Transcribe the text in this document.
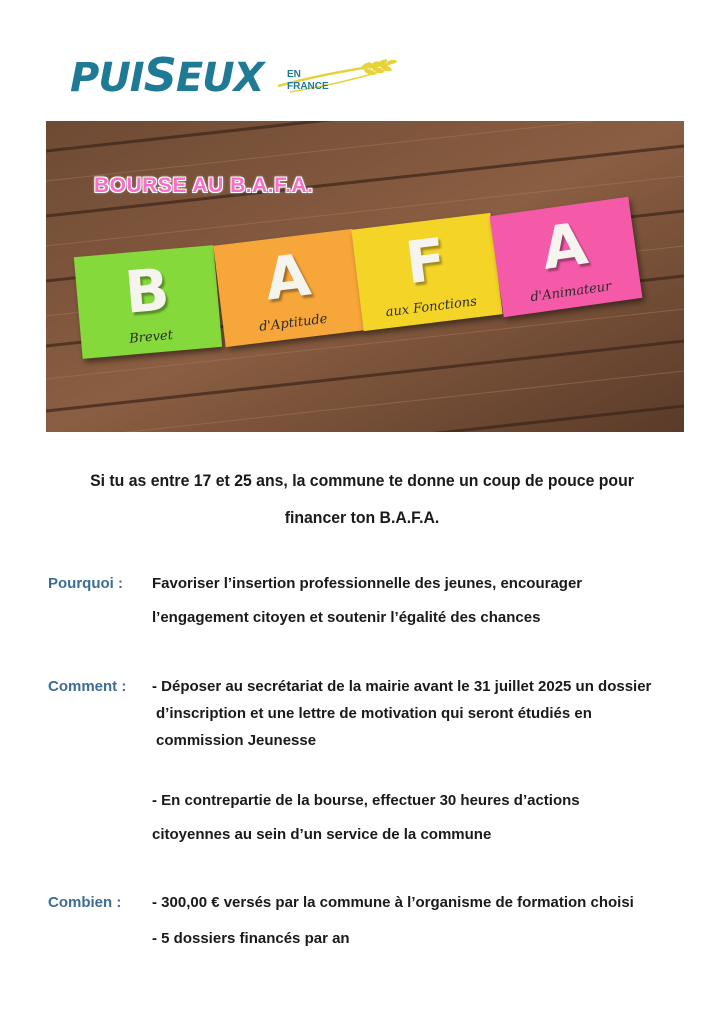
PUISEUX EN
FRANCE
BOURSE AU B.A.F.A.
B
Brevet
A
d'Aptitude
F
aux Fonctions
A
d'Animateur
Si tu as entre 17 et 25 ans, la commune te donne un coup de pouce pour
financer ton B.A.F.A.
Pourquoi : Favoriser l’insertion professionnelle des jeunes, encourager
l’engagement citoyen et soutenir l’égalité des chances
Comment : - Déposer au secrétariat de la mairie avant le 31 juillet 2025 un dossier
d’inscription et une lettre de motivation qui seront étudiés en
commission Jeunesse
- En contrepartie de la bourse, effectuer 30 heures d’actions
citoyennes au sein d’un service de la commune
Combien : - 300,00 € versés par la commune à l’organisme de formation choisi
- 5 dossiers financés par an
